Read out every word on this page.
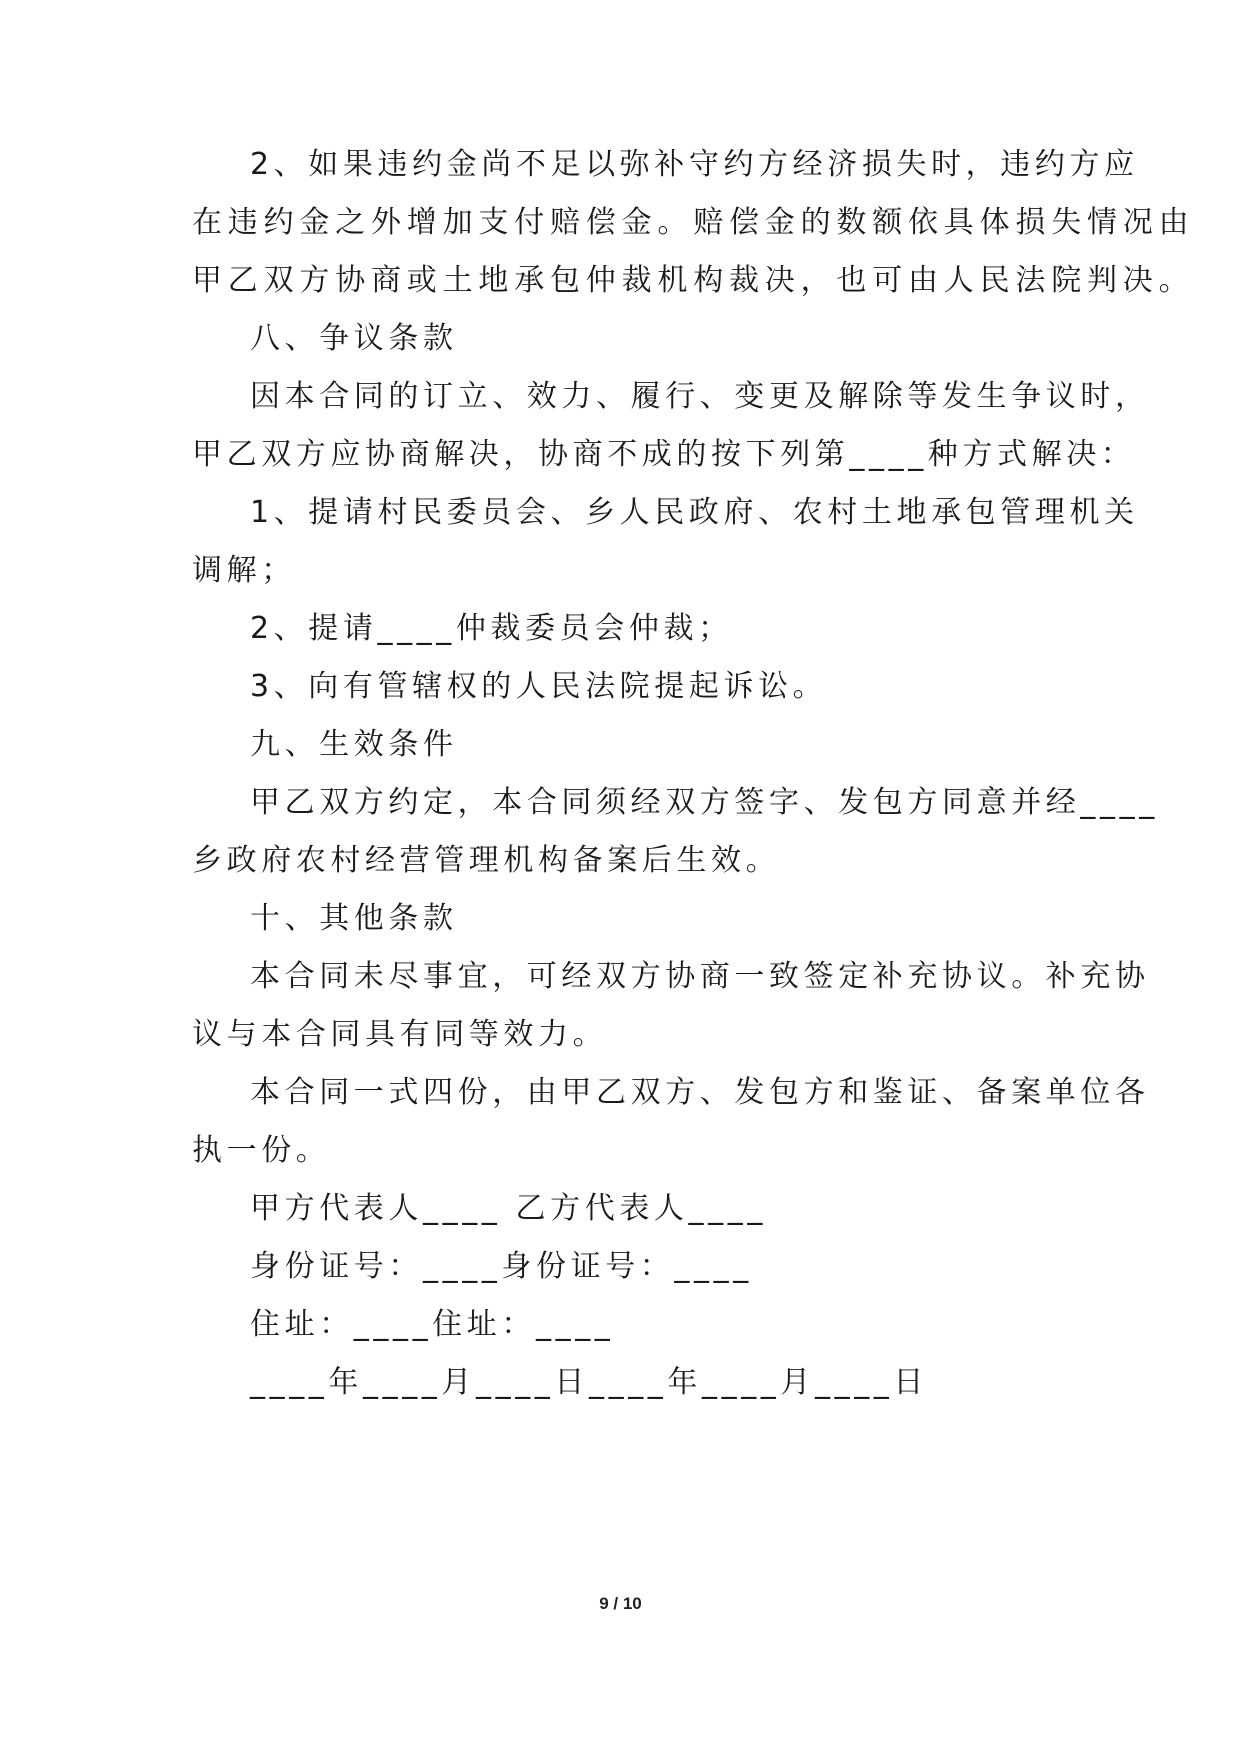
2、如果违约金尚不足以弥补守约方经济损失时，违约方应
在违约金之外增加支付赔偿金。赔偿金的数额依具体损失情况由
甲乙双方协商或土地承包仲裁机构裁决，也可由人民法院判决。
八、争议条款
因本合同的订立、效力、履行、变更及解除等发生争议时，
甲乙双方应协商解决，协商不成的按下列第____种方式解决：
1、提请村民委员会、乡人民政府、农村土地承包管理机关
调解；
2、提请____仲裁委员会仲裁；
3、向有管辖权的人民法院提起诉讼。
九、生效条件
甲乙双方约定，本合同须经双方签字、发包方同意并经____
乡政府农村经营管理机构备案后生效。
十、其他条款
本合同未尽事宜，可经双方协商一致签定补充协议。补充协
议与本合同具有同等效力。
本合同一式四份，由甲乙双方、发包方和鉴证、备案单位各
执一份。
甲方代表人____ 乙方代表人____
身份证号：____身份证号：____
住址：____住址：____
____年____月____日____年____月____日
9 / 10
